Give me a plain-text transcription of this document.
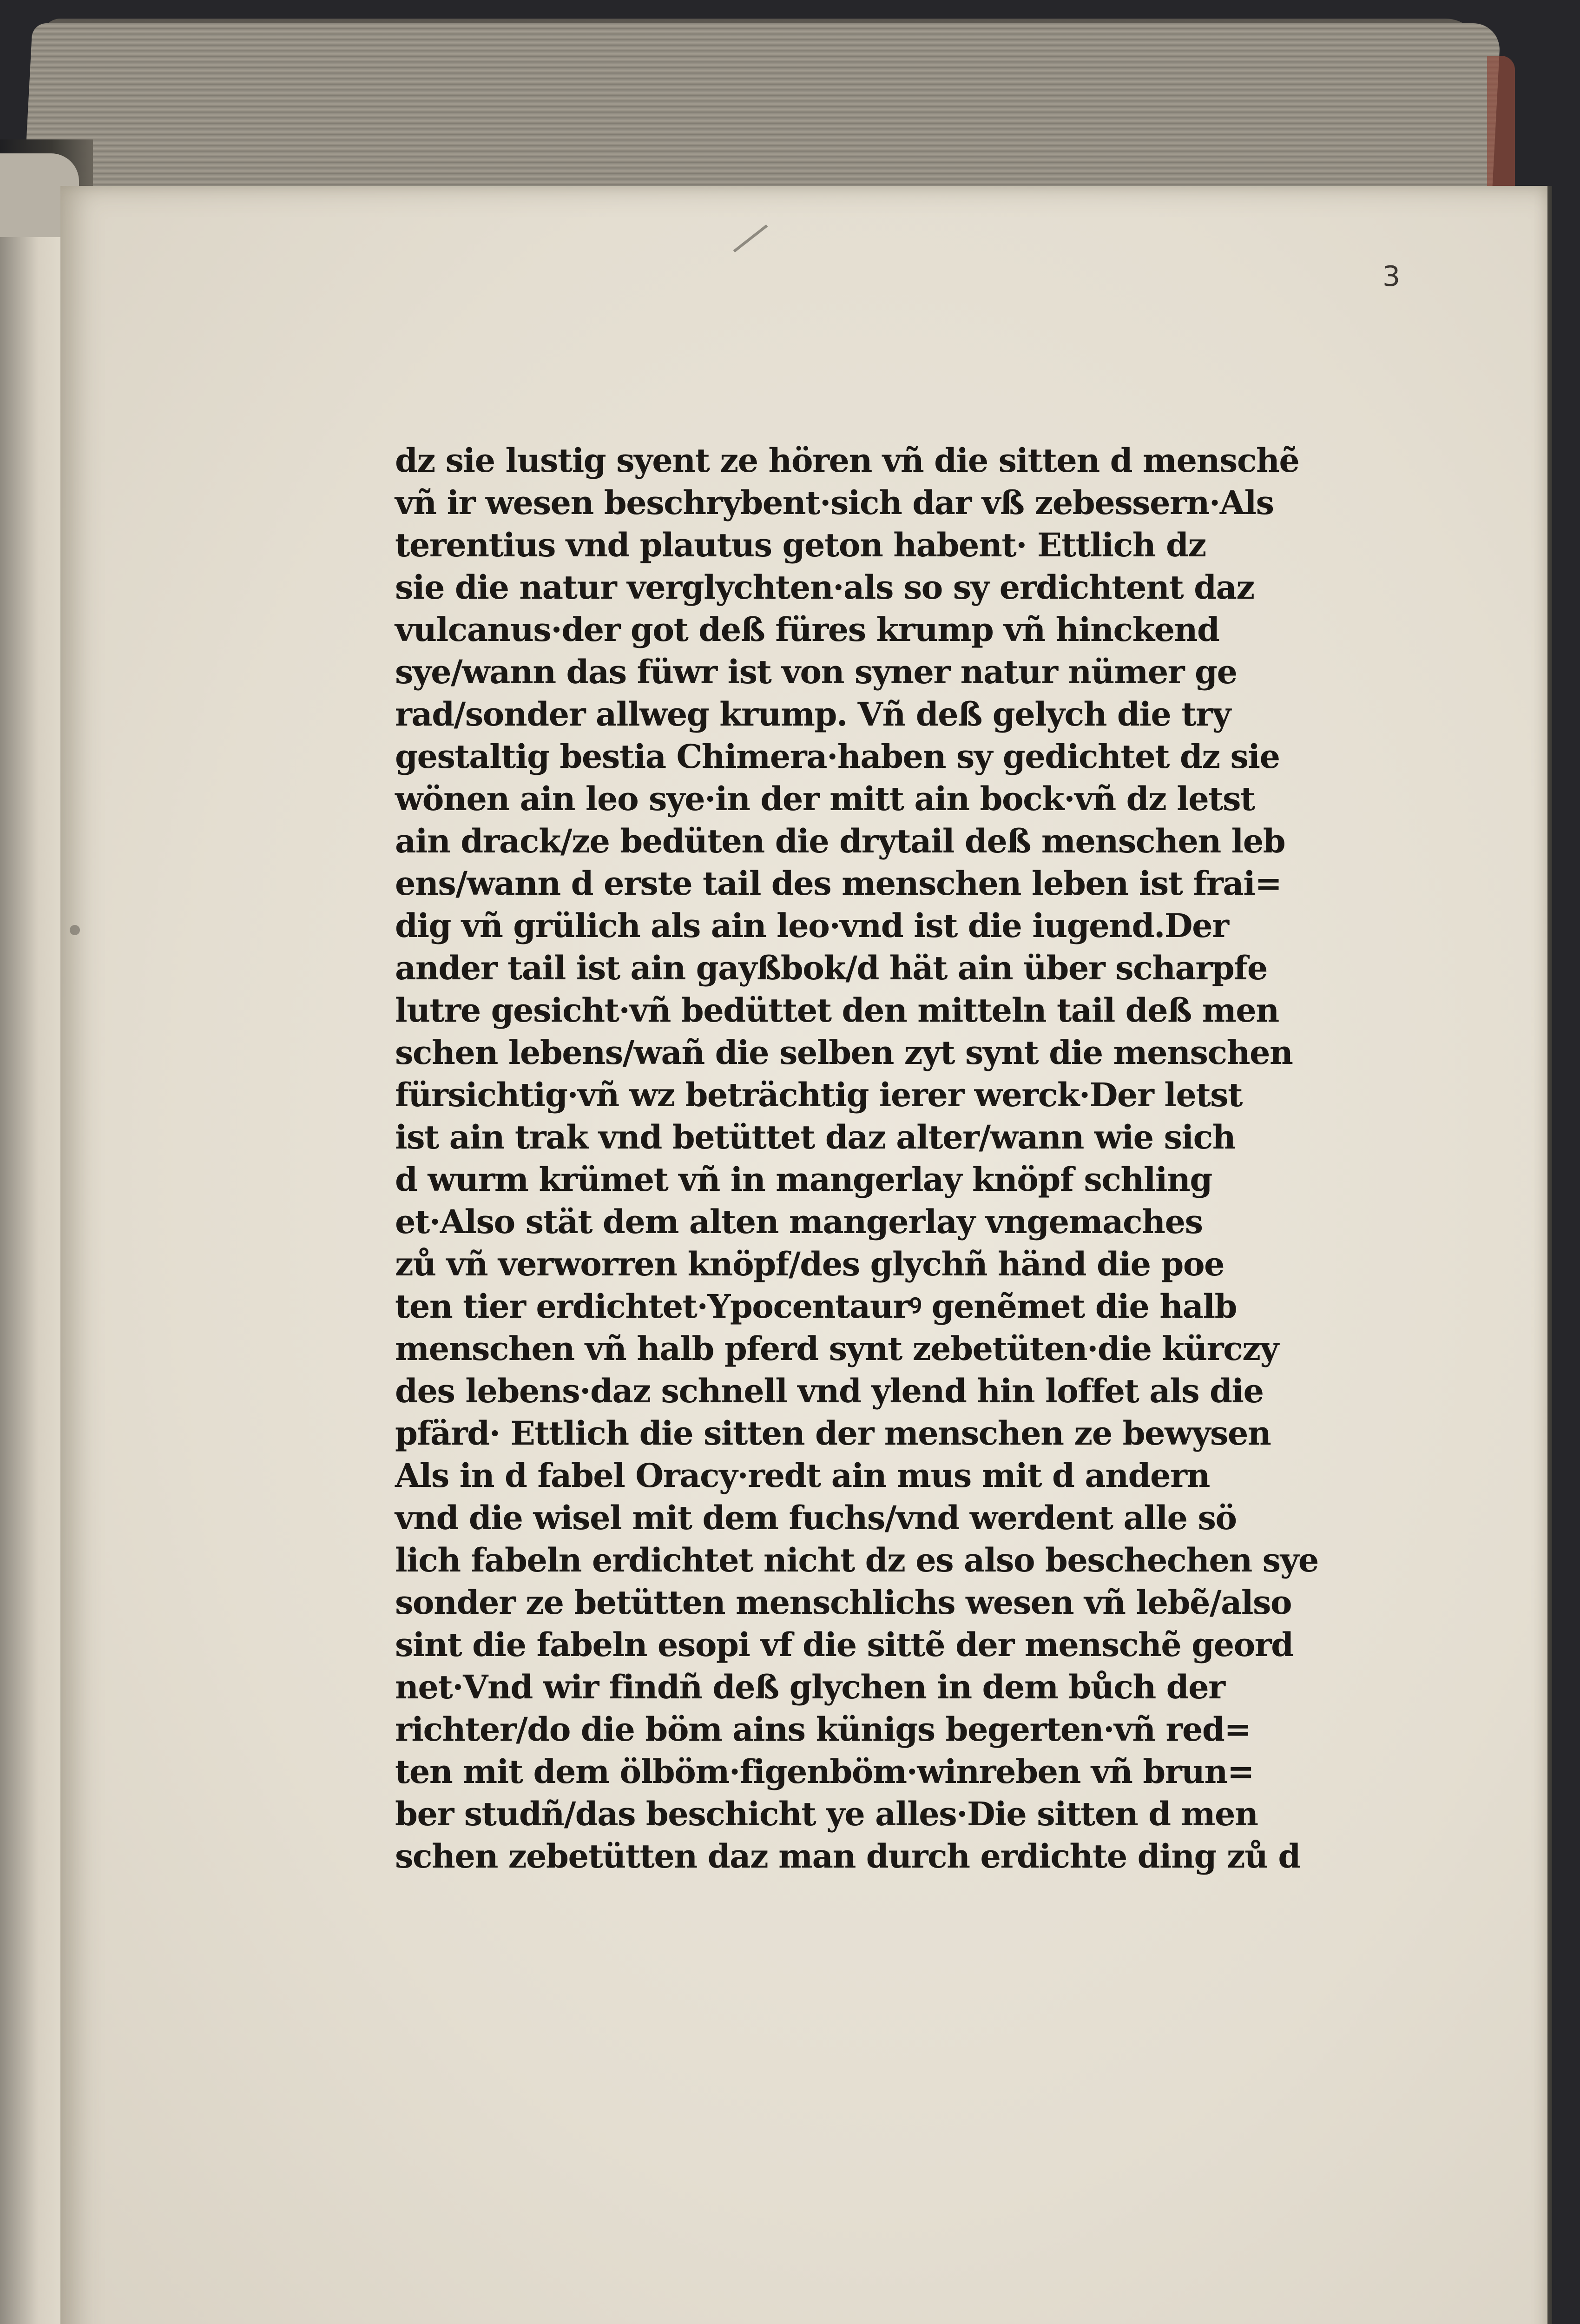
3
dz sie lustig syent ze hören vñ die sitten d menschẽ
vñ ir wesen beschrybent·sich dar vß zebessern·Als
terentius vnd plautus geton habent· Ettlich dz
sie die natur verglychten·als so sy erdichtent daz
vulcanus·der got deß füres krump vñ hinckend
sye/wann das füwr ist von syner natur nümer ge
rad/sonder allweg krump. Vñ deß gelych die try
gestaltig bestia Chimera·haben sy gedichtet dz sie
wönen ain leo sye·in der mitt ain bock·vñ dz letst
ain drack/ze bedüten die drytail deß menschen leb
ens/wann d erste tail des menschen leben ist frai=
dig vñ grülich als ain leo·vnd ist die iugend.Der
ander tail ist ain gayßbok/d hät ain über scharpfe
lutre gesicht·vñ bedüttet den mitteln tail deß men
schen lebens/wañ die selben zyt synt die menschen
fürsichtig·vñ wz beträchtig ierer werck·Der letst
ist ain trak vnd betüttet daz alter/wann wie sich
d wurm krümet vñ in mangerlay knöpf schling
et·Also stät dem alten mangerlay vngemaches
zů vñ verworren knöpf/des glychñ händ die poe
ten tier erdichtet·Ypocentaurꝰ genẽmet die halb
menschen vñ halb pferd synt zebetüten·die kürczy
des lebens·daz schnell vnd ylend hin loffet als die
pfärd· Ettlich die sitten der menschen ze bewysen
Als in d fabel Oracy·redt ain mus mit d andern
vnd die wisel mit dem fuchs/vnd werdent alle sö
lich fabeln erdichtet nicht dz es also beschechen sye
sonder ze betütten menschlichs wesen vñ lebẽ/also
sint die fabeln esopi vf die sittẽ der menschẽ geord
net·Vnd wir findñ deß glychen in dem bůch der
richter/do die böm ains künigs begerten·vñ red=
ten mit dem ölböm·figenböm·winreben vñ brun=
ber studñ/das beschicht ye alles·Die sitten d men
schen zebetütten daz man durch erdichte ding zů d
